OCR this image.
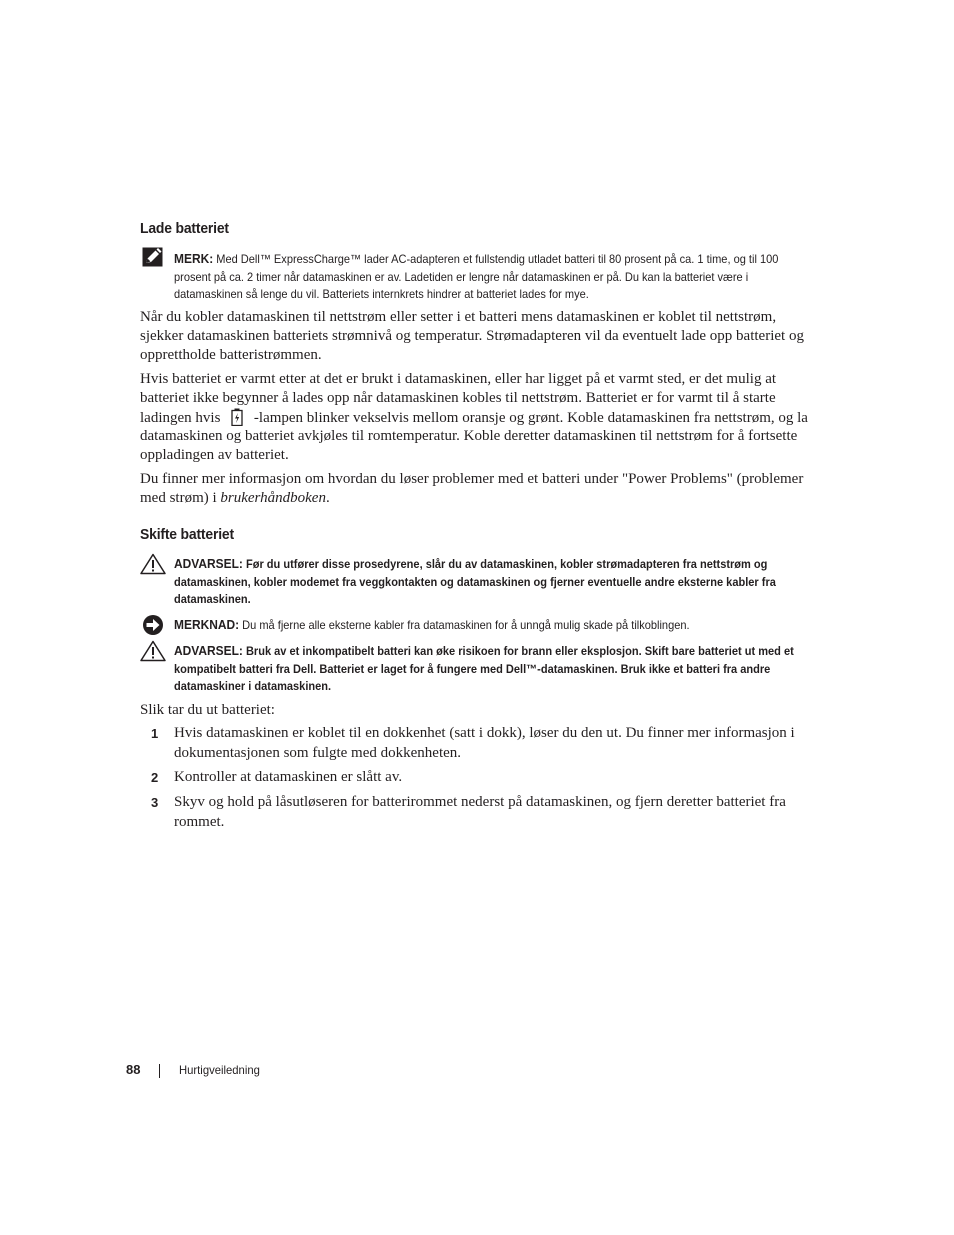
Lade batteriet
MERK: Med Dell™ ExpressCharge™ lader AC-adapteren et fullstendig utladet batteri til 80 prosent på ca. 1 time, og til 100 prosent på ca. 2 timer når datamaskinen er av. Ladetiden er lengre når datamaskinen er på. Du kan la batteriet være i datamaskinen så lenge du vil. Batteriets internkrets hindrer at batteriet lades for mye.

Når du kobler datamaskinen til nettstrøm eller setter i et batteri mens datamaskinen er koblet til nettstrøm, sjekker datamaskinen batteriets strømnivå og temperatur. Strømadapteren vil da eventuelt lade opp batteriet og opprettholde batteristrømmen.

Hvis batteriet er varmt etter at det er brukt i datamaskinen, eller har ligget på et varmt sted, er det mulig at batteriet ikke begynner å lades opp når datamaskinen kobles til nettstrøm. Batteriet er for varmt til å starte ladingen hvis  -lampen blinker vekselvis mellom oransje og grønt. Koble datamaskinen fra nettstrøm, og la datamaskinen og batteriet avkjøles til romtemperatur. Koble deretter datamaskinen til nettstrøm for å fortsette oppladingen av batteriet.

Du finner mer informasjon om hvordan du løser problemer med et batteri under "Power Problems" (problemer med strøm) i brukerhåndboken.

Skifte batteriet
ADVARSEL: Før du utfører disse prosedyrene, slår du av datamaskinen, kobler strømadapteren fra nettstrøm og datamaskinen, kobler modemet fra veggkontakten og datamaskinen og fjerner eventuelle andre eksterne kabler fra datamaskinen.
MERKNAD: Du må fjerne alle eksterne kabler fra datamaskinen for å unngå mulig skade på tilkoblingen.
ADVARSEL: Bruk av et inkompatibelt batteri kan øke risikoen for brann eller eksplosjon. Skift bare batteriet ut med et kompatibelt batteri fra Dell. Batteriet er laget for å fungere med Dell™-datamaskinen. Bruk ikke et batteri fra andre datamaskiner i datamaskinen.

Slik tar du ut batteriet:

1 Hvis datamaskinen er koblet til en dokkenhet (satt i dokk), løser du den ut. Du finner mer informasjon i dokumentasjonen som fulgte med dokkenheten.

2 Kontroller at datamaskinen er slått av.

3 Skyv og hold på låsutløseren for batterirommet nederst på datamaskinen, og fjern deretter batteriet fra rommet.

88	Hurtigveiledning
